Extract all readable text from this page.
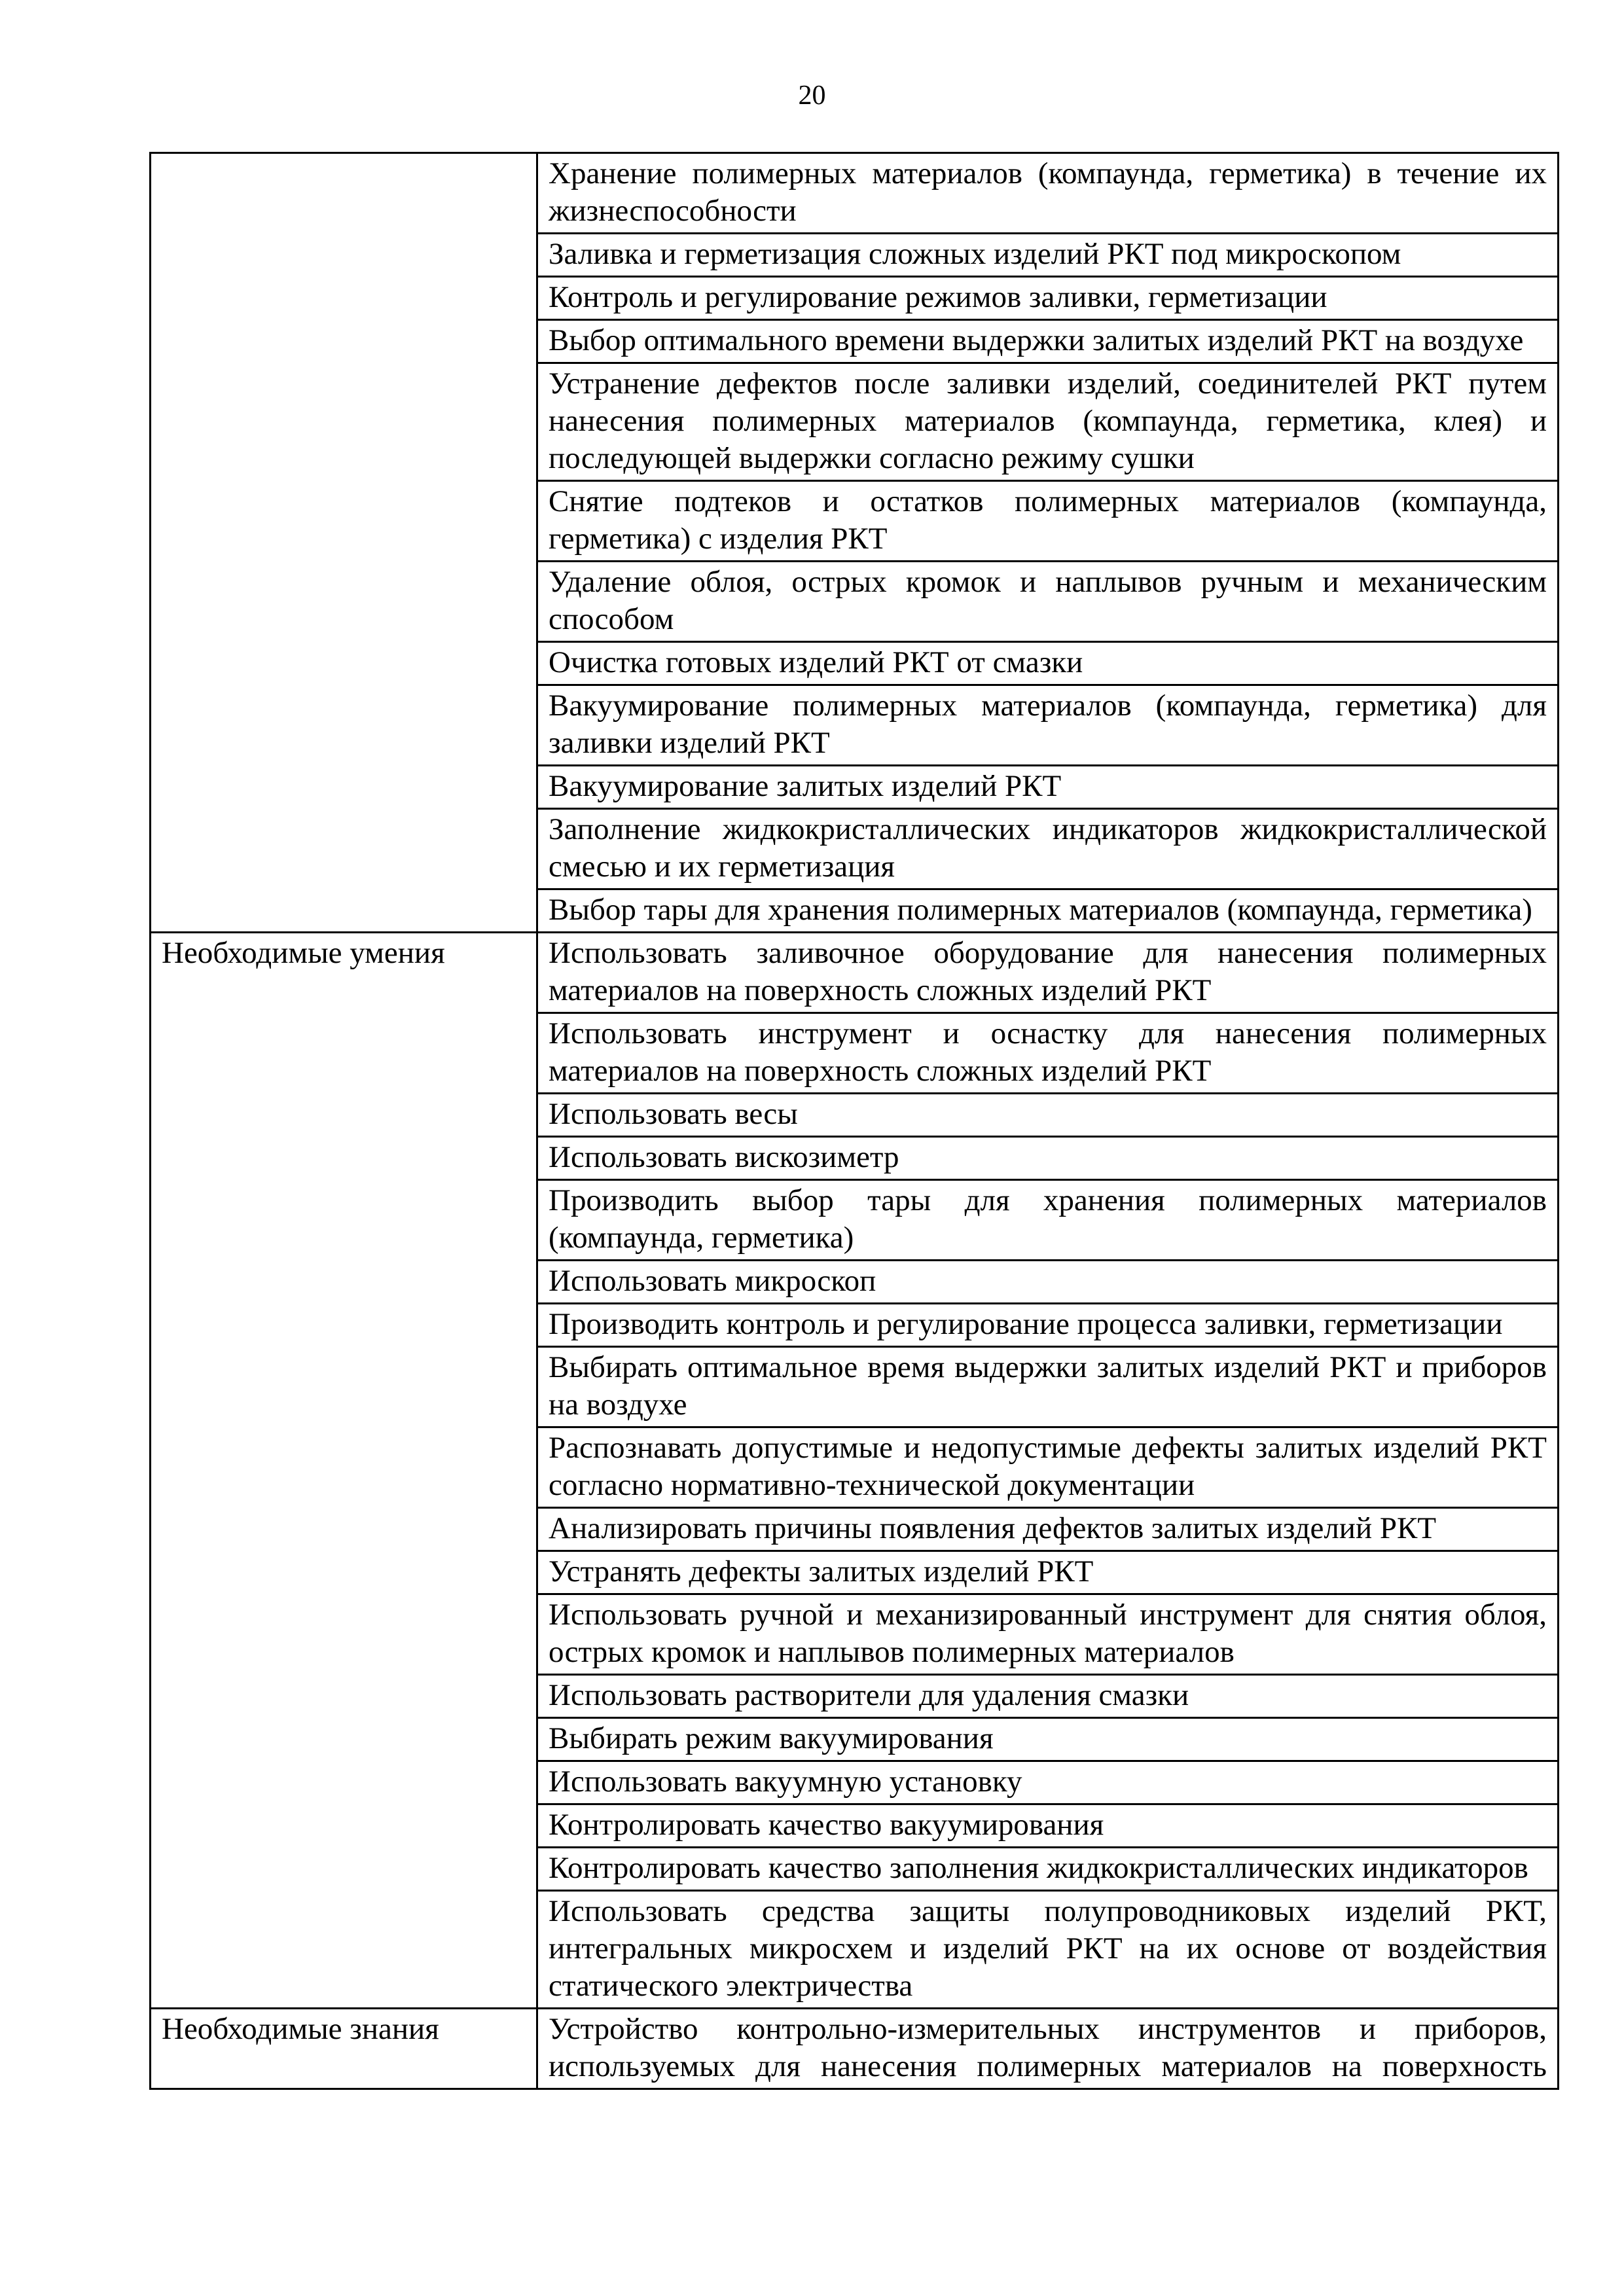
20
	Хранение полимерных материалов (компаунда, герметика) в течение их жизнеспособности
	Заливка и герметизация сложных изделий РКТ под микроскопом
	Контроль и регулирование режимов заливки, герметизации
	Выбор оптимального времени выдержки залитых изделий РКТ на воздухе
	Устранение дефектов после заливки изделий, соединителей РКТ путем нанесения полимерных материалов (компаунда, герметика, клея) и последующей выдержки согласно режиму сушки
	Снятие подтеков и остатков полимерных материалов (компаунда, герметика) с изделия РКТ
	Удаление облоя, острых кромок и наплывов ручным и механическим способом
	Очистка готовых изделий РКТ от смазки
	Вакуумирование полимерных материалов (компаунда, герметика) для заливки изделий РКТ
	Вакуумирование залитых изделий РКТ
	Заполнение жидкокристаллических индикаторов жидкокристаллической смесью и их герметизация
	Выбор тары для хранения полимерных материалов (компаунда, герметика)
Необходимые умения	Использовать заливочное оборудование для нанесения полимерных материалов на поверхность сложных изделий РКТ
	Использовать инструмент и оснастку для нанесения полимерных материалов на поверхность сложных изделий РКТ
	Использовать весы
	Использовать вискозиметр
	Производить выбор тары для хранения полимерных материалов (компаунда, герметика)
	Использовать микроскоп
	Производить контроль и регулирование процесса заливки, герметизации
	Выбирать оптимальное время выдержки залитых изделий РКТ и приборов на воздухе
	Распознавать допустимые и недопустимые дефекты залитых изделий РКТ согласно нормативно-технической документации
	Анализировать причины появления дефектов залитых изделий РКТ
	Устранять дефекты залитых изделий РКТ
	Использовать ручной и механизированный инструмент для снятия облоя, острых кромок и наплывов полимерных материалов
	Использовать растворители для удаления смазки
	Выбирать режим вакуумирования
	Использовать вакуумную установку
	Контролировать качество вакуумирования
	Контролировать качество заполнения жидкокристаллических индикаторов
	Использовать средства защиты полупроводниковых изделий РКТ, интегральных микросхем и изделий РКТ на их основе от воздействия статического электричества
Необходимые знания	Устройство контрольно-измерительных инструментов и приборов, используемых для нанесения полимерных материалов на поверхность
